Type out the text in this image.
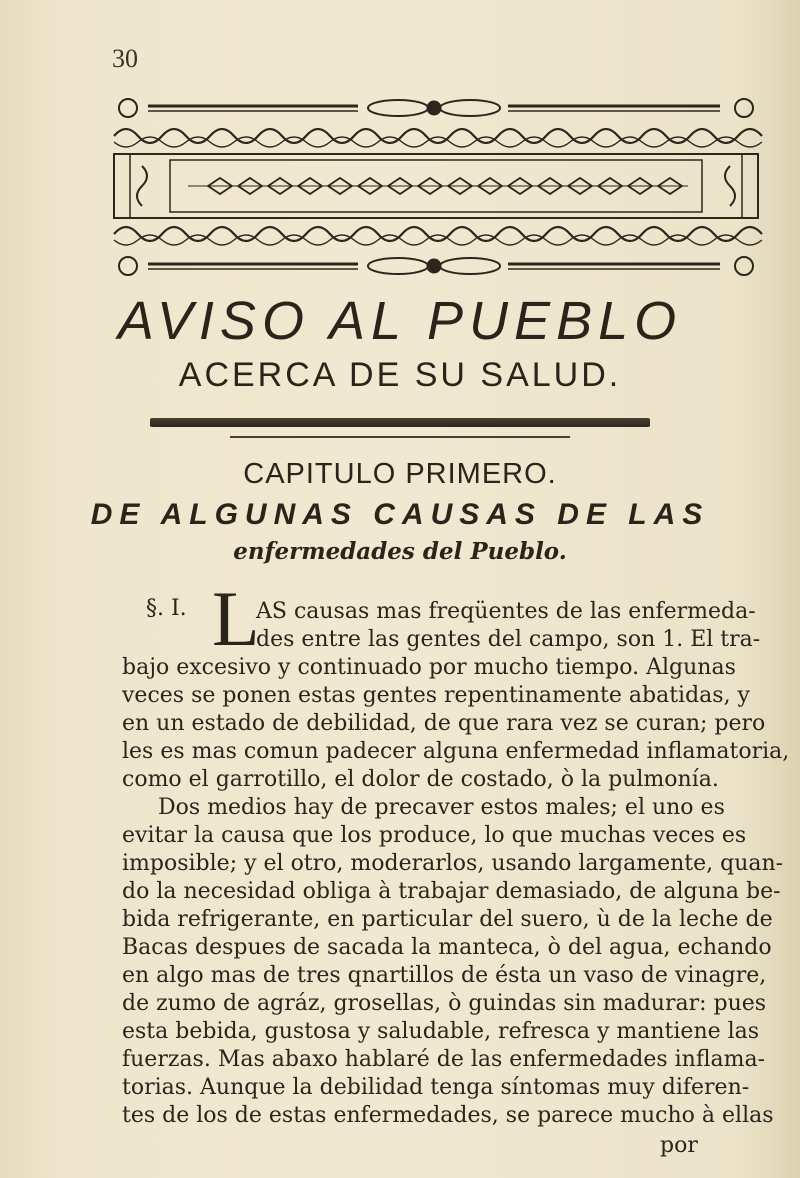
30
AVISO AL PUEBLO
ACERCA DE SU SALUD.
CAPITULO PRIMERO.
DE ALGUNAS CAUSAS DE LAS
enfermedades del Pueblo.
§. I. L
AS causas mas freqüentes de las enfermeda-
des entre las gentes del campo, son 1. El tra-
bajo excesivo y continuado por mucho tiempo. Algunas
veces se ponen estas gentes repentinamente abatidas, y
en un estado de debilidad, de que rara vez se curan; pero
les es mas comun padecer alguna enfermedad inflamatoria,
como el garrotillo, el dolor de costado, ò la pulmonía.
Dos medios hay de precaver estos males; el uno es
evitar la causa que los produce, lo que muchas veces es
imposible; y el otro, moderarlos, usando largamente, quan-
do la necesidad obliga à trabajar demasiado, de alguna be-
bida refrigerante, en particular del suero, ù de la leche de
Bacas despues de sacada la manteca, ò del agua, echando
en algo mas de tres qnartillos de ésta un vaso de vinagre,
de zumo de agráz, grosellas, ò guindas sin madurar: pues
esta bebida, gustosa y saludable, refresca y mantiene las
fuerzas. Mas abaxo hablaré de las enfermedades inflama-
torias. Aunque la debilidad tenga síntomas muy diferen-
tes de los de estas enfermedades, se parece mucho à ellas
por
